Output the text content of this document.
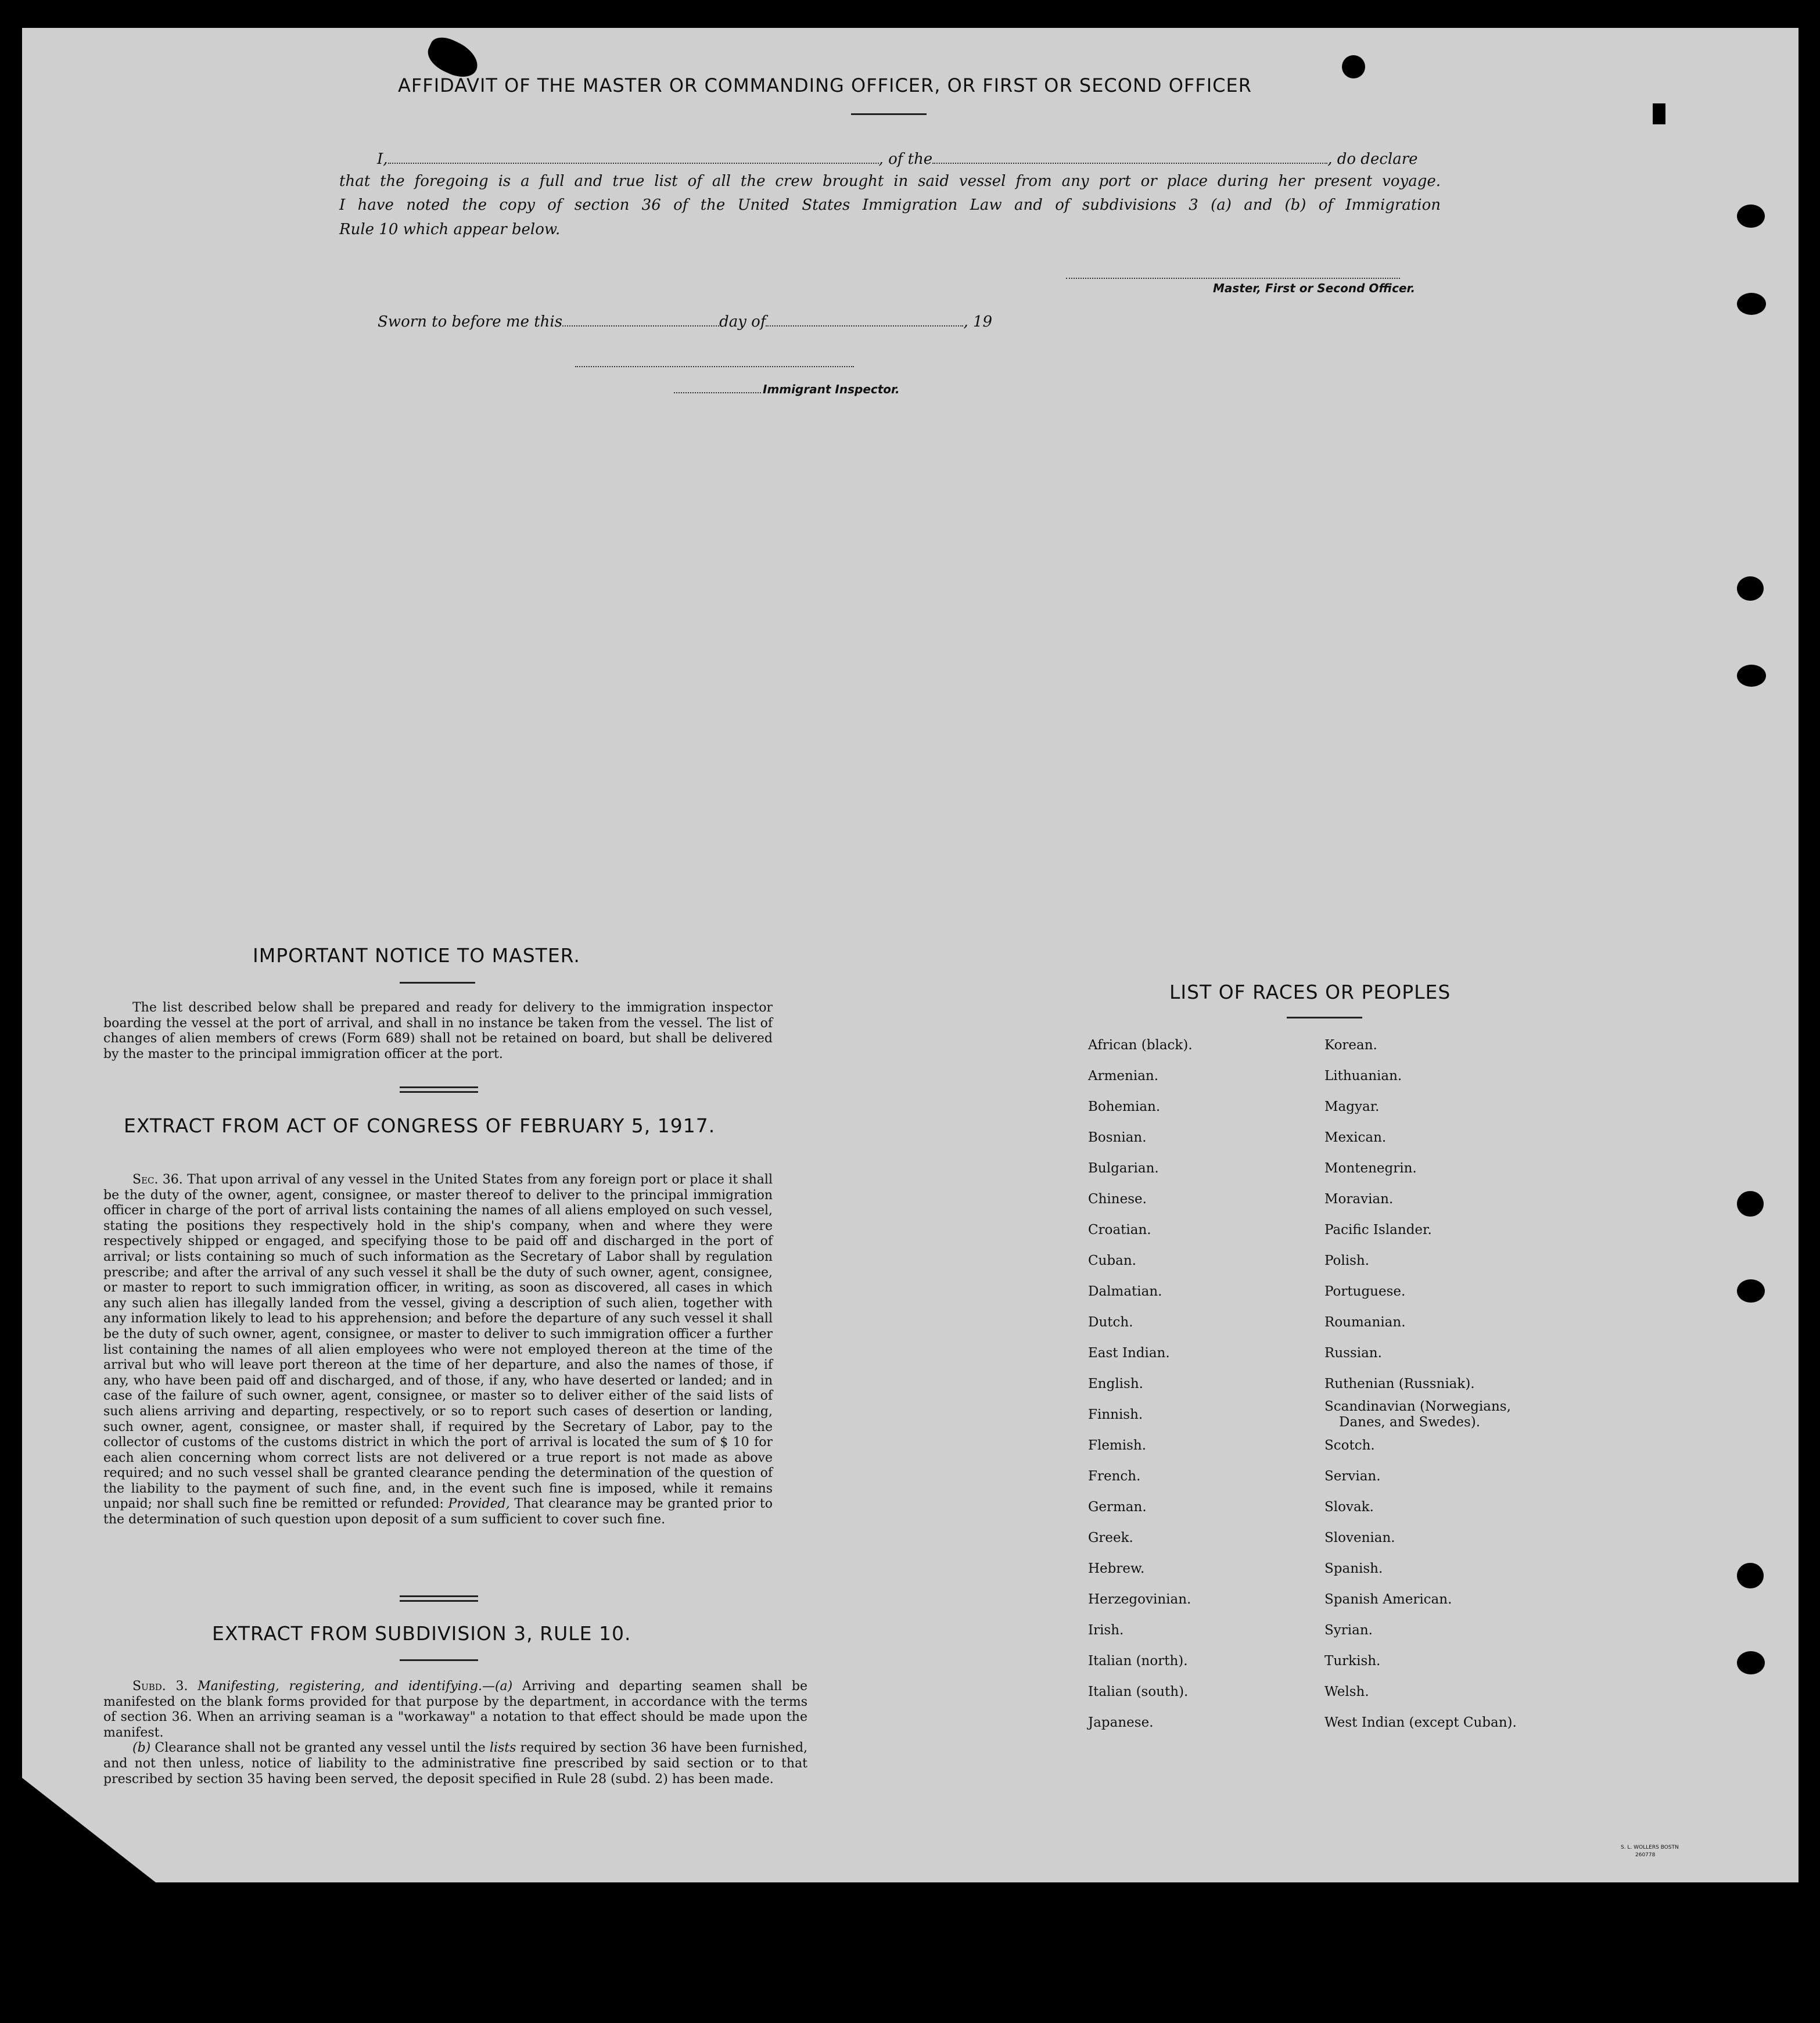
AFFIDAVIT OF THE MASTER OR COMMANDING OFFICER, OR FIRST OR SECOND OFFICER
I,	, of the	, do declare
that the foregoing is a full and true list of all the crew brought in said vessel from any port or place during her present voyage.
I have noted the copy of section 36 of the United States Immigration Law and of subdivisions 3 (a) and (b) of Immigration
Rule 10 which appear below.
Master, First or Second Officer.
Sworn to before me this	day of	, 19
Immigrant Inspector.
IMPORTANT NOTICE TO MASTER.
The list described below shall be prepared and ready for delivery to the immigration inspector boarding the vessel at the port of arrival, and shall in no instance be taken from the vessel. The list of changes of alien members of crews (Form 689) shall not be retained on board, but shall be delivered by the master to the principal immigration officer at the port.
EXTRACT FROM ACT OF CONGRESS OF FEBRUARY 5, 1917.
Sec. 36. That upon arrival of any vessel in the United States from any foreign port or place it shall be the duty of the owner, agent, consignee, or master thereof to deliver to the principal immigration officer in charge of the port of arrival lists containing the names of all aliens employed on such vessel, stating the positions they respectively hold in the ship's company, when and where they were respectively shipped or engaged, and specifying those to be paid off and discharged in the port of arrival; or lists containing so much of such information as the Secretary of Labor shall by regulation prescribe; and after the arrival of any such vessel it shall be the duty of such owner, agent, consignee, or master to report to such immigration officer, in writing, as soon as discovered, all cases in which any such alien has illegally landed from the vessel, giving a description of such alien, together with any information likely to lead to his apprehension; and before the departure of any such vessel it shall be the duty of such owner, agent, consignee, or master to deliver to such immigration officer a further list containing the names of all alien employees who were not employed thereon at the time of the arrival but who will leave port thereon at the time of her departure, and also the names of those, if any, who have been paid off and discharged, and of those, if any, who have deserted or landed; and in case of the failure of such owner, agent, consignee, or master so to deliver either of the said lists of such aliens arriving and departing, respectively, or so to report such cases of desertion or landing, such owner, agent, consignee, or master shall, if required by the Secretary of Labor, pay to the collector of customs of the customs district in which the port of arrival is located the sum of $ 10 for each alien concerning whom correct lists are not delivered or a true report is not made as above required; and no such vessel shall be granted clearance pending the determination of the question of the liability to the payment of such fine, and, in the event such fine is imposed, while it remains unpaid; nor shall such fine be remitted or refunded: Provided, That clearance may be granted prior to the determination of such question upon deposit of a sum sufficient to cover such fine.
EXTRACT FROM SUBDIVISION 3, RULE 10.
Subd. 3. Manifesting, registering, and identifying.—(a) Arriving and departing seamen shall be manifested on the blank forms provided for that purpose by the department, in accordance with the terms of section 36. When an arriving seaman is a "workaway" a notation to that effect should be made upon the manifest.
(b) Clearance shall not be granted any vessel until the lists required by section 36 have been furnished, and not then unless, notice of liability to the administrative fine prescribed by said section or to that prescribed by section 35 having been served, the deposit specified in Rule 28 (subd. 2) has been made.
LIST OF RACES OR PEOPLES
African (black).
Armenian.
Bohemian.
Bosnian.
Bulgarian.
Chinese.
Croatian.
Cuban.
Dalmatian.
Dutch.
East Indian.
English.
Finnish.
Flemish.
French.
German.
Greek.
Hebrew.
Herzegovinian.
Irish.
Italian (north).
Italian (south).
Japanese.
Korean.
Lithuanian.
Magyar.
Mexican.
Montenegrin.
Moravian.
Pacific Islander.
Polish.
Portuguese.
Roumanian.
Russian.
Ruthenian (Russniak).
Scandinavian (Norwegians,
Danes, and Swedes).
Scotch.
Servian.
Slovak.
Slovenian.
Spanish.
Spanish American.
Syrian.
Turkish.
Welsh.
West Indian (except Cuban).
S. L. WOLLERS BOSTN
260778
